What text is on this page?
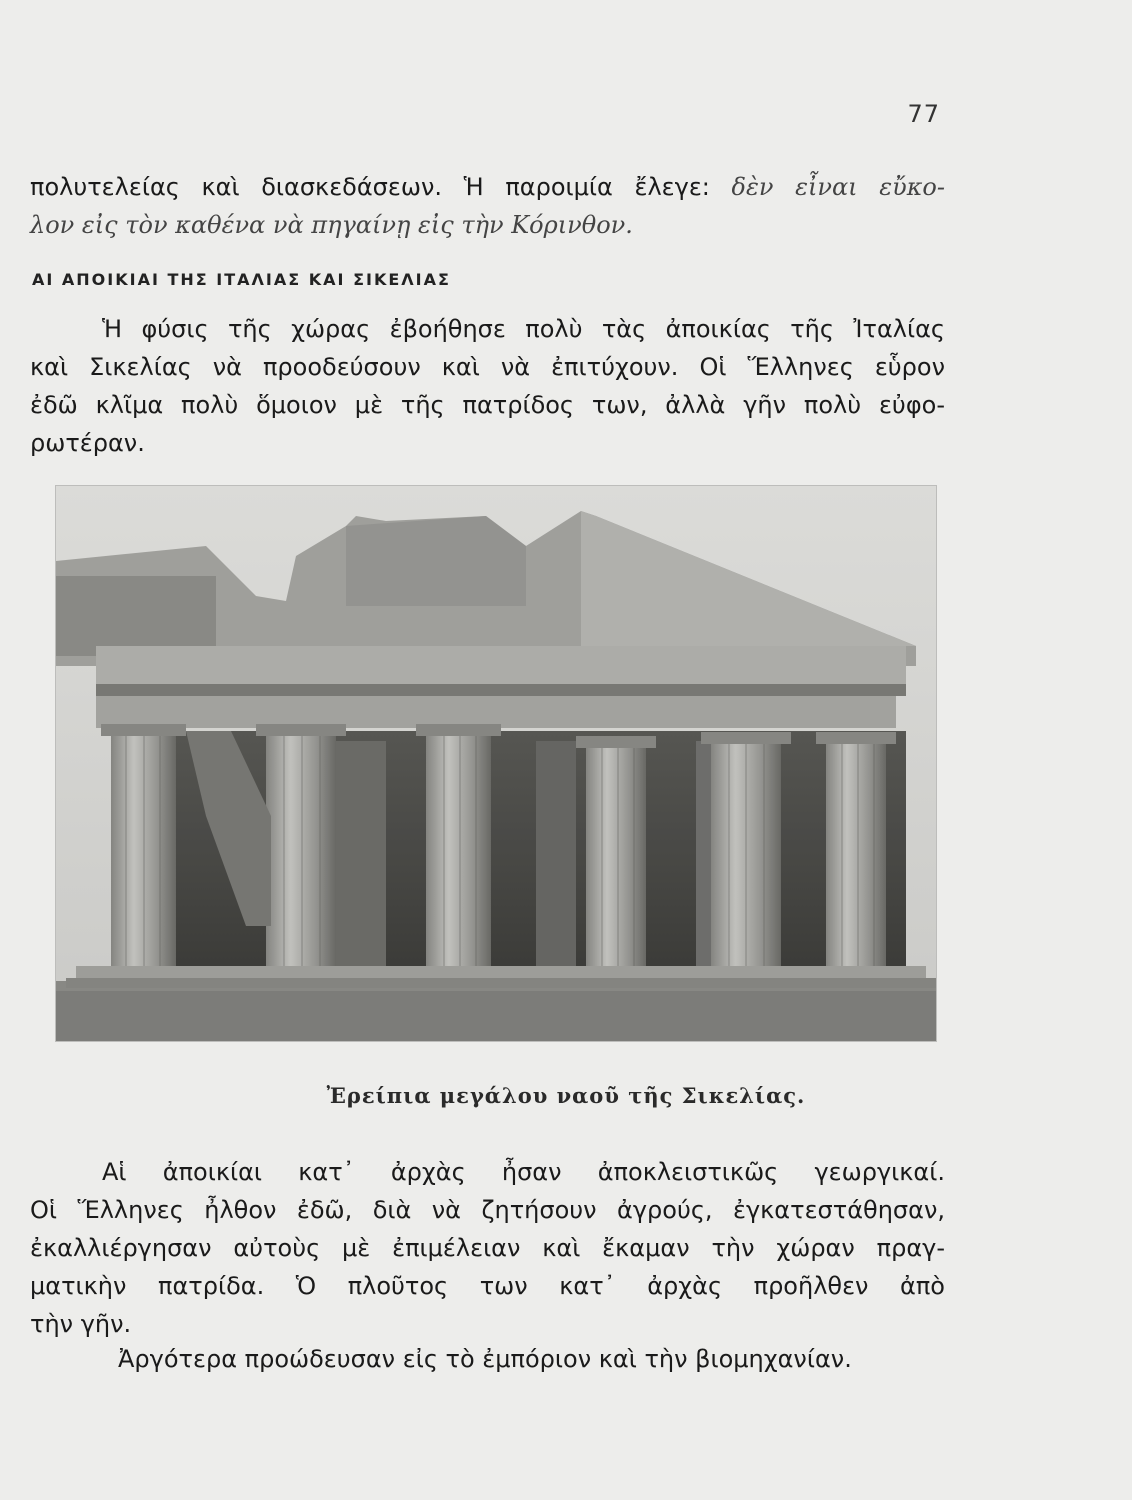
77
πολυτελείας καὶ διασκεδάσεων. Ἡ παροιμία ἔλεγε: δὲν εἶναι εὔκο-
λον εἰς τὸν καθένα νὰ πηγαίνῃ εἰς τὴν Κόρινθον.
ΑΙ ΑΠΟΙΚΙΑΙ ΤΗΣ ΙΤΑΛΙΑΣ ΚΑΙ ΣΙΚΕΛΙΑΣ
Ἡ φύσις τῆς χώρας ἐβοήθησε πολὺ τὰς ἀποικίας τῆς Ἰταλίας
καὶ Σικελίας νὰ προοδεύσουν καὶ νὰ ἐπιτύχουν. Οἱ Ἕλληνες εὗρον
ἐδῶ κλῖμα πολὺ ὅμοιον μὲ τῆς πατρίδος των, ἀλλὰ γῆν πολὺ εὐφο-
ρωτέραν.
Ἐρείπια μεγάλου ναοῦ τῆς Σικελίας.
Αἱ ἀποικίαι κατ᾽ ἀρχὰς ἦσαν ἀποκλειστικῶς γεωργικαί.
Οἱ Ἕλληνες ἦλθον ἐδῶ, διὰ νὰ ζητήσουν ἀγρούς, ἐγκατεστάθησαν,
ἐκαλλιέργησαν αὐτοὺς μὲ ἐπιμέλειαν καὶ ἔκαμαν τὴν χώραν πραγ-
ματικὴν πατρίδα. Ὁ πλοῦτος των κατ᾽ ἀρχὰς προῆλθεν ἀπὸ
τὴν γῆν.
Ἀργότερα προώδευσαν εἰς τὸ ἐμπόριον καὶ τὴν βιομηχανίαν.
